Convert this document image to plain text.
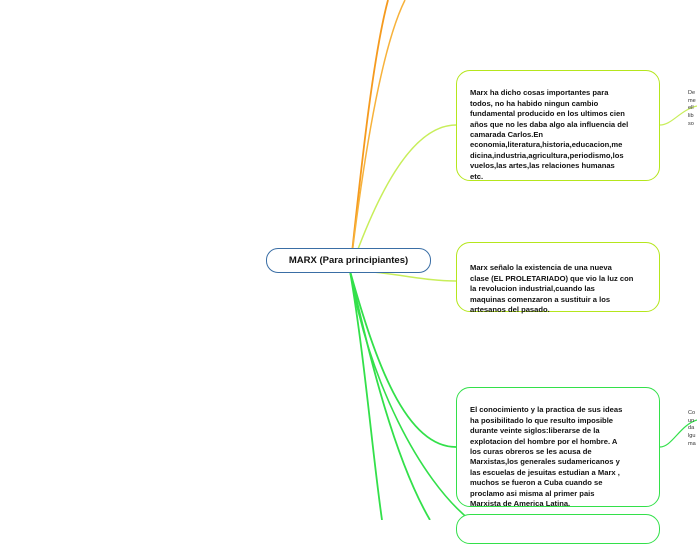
MARX (Para principiantes)

Marx ha dicho cosas importantes para
todos, no ha habido ningun cambio
fundamental producido en los ultimos cien
años que no les daba algo ala influencia del
camarada Carlos.En
economia,literatura,historia,educacion,me
dicina,industria,agricultura,periodismo,los
vuelos,las artes,las relaciones humanas
etc.

Marx señalo la existencia de una nueva
clase (EL PROLETARIADO) que vio la luz con
la revolucion industrial,cuando las
maquinas comenzaron a sustituir a los
artesanos del pasado.

El conocimiento y la practica de sus ideas
ha posibilitado lo que resulto imposible
durante veinte siglos:liberarse de la
explotacion del hombre por el hombre. A
los curas obreros se les acusa de
Marxistas,los generales sudamericanos y
las escuelas de jesuitas estudian a Marx ,
muchos se fueron a Cuba cuando se
proclamo asi misma al primer pais
Marxista de America Latina.

De
me
ell
lib
so

Co
un
da
lgu
ma
